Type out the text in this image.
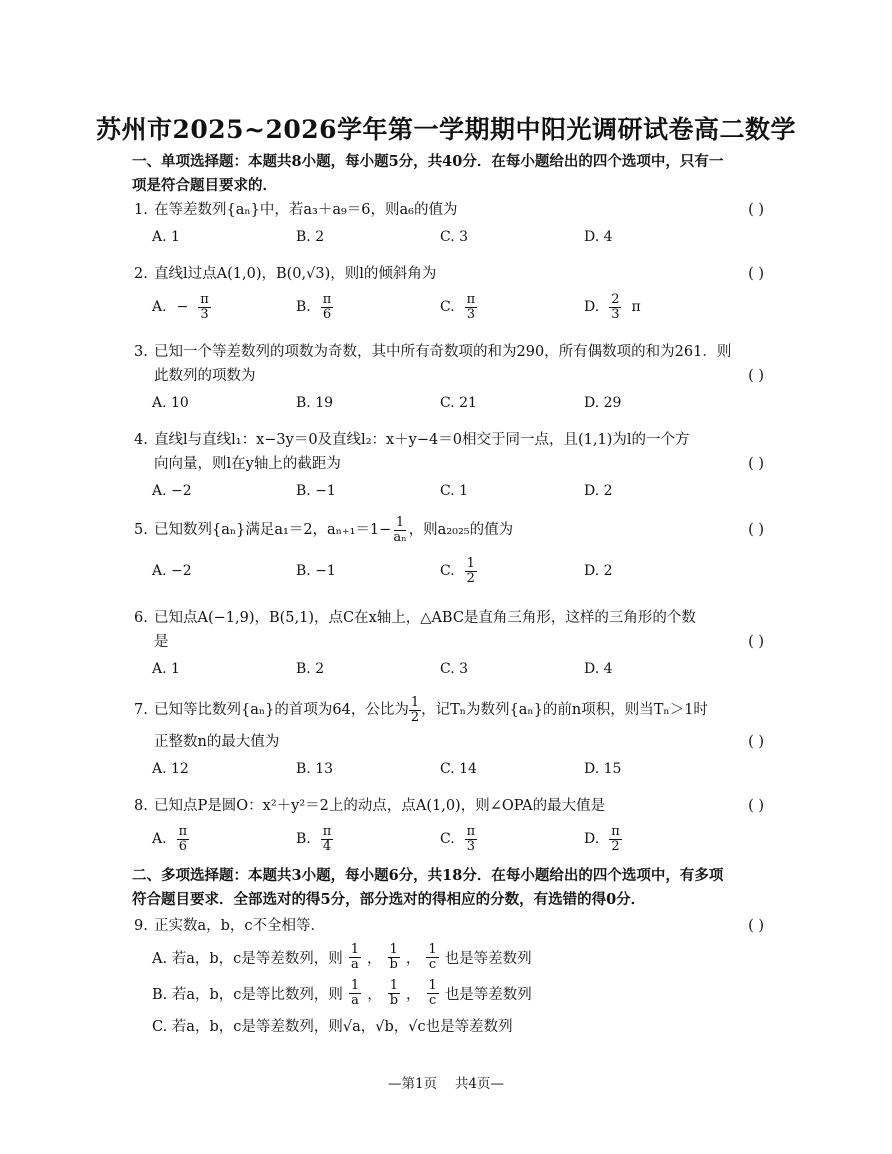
苏州市2025~2026学年第一学期期中阳光调研试卷高二数学
一、单项选择题：本题共8小题，每小题5分，共40分．在每小题给出的四个选项中，只有一
项是符合题目要求的．
1. 在等差数列{aₙ}中，若a₃＋a₉＝6，则a₆的值为	( )
A. 1	B. 2	C. 3	D. 4
2. 直线l过点A(1,0)，B(0,√3)，则l的倾斜角为	( )
A. − $\frac{\pi}{3}$	B. $\frac{\pi}{6}$	C. $\frac{\pi}{3}$	D. $\frac{2}{3}$ π
3. 已知一个等差数列的项数为奇数，其中所有奇数项的和为290，所有偶数项的和为261．则
此数列的项数为	( )
A. 10	B. 19	C. 21	D. 29
4. 直线l与直线l₁：x−3y＝0及直线l₂：x＋y−4＝0相交于同一点，且(1,1)为l的一个方
向向量，则l在y轴上的截距为	( )
A. −2	B. −1	C. 1	D. 2
5. 已知数列{aₙ}满足a₁＝2，$a_{n+1}=1- \frac{1}{\text{aₙ}}$ ，则a₂₀₂₅的值为	( )
A. −2	B. −1	C. $\frac{1}{2}$	D. 2
6. 已知点A(−1,9)，B(5,1)，点C在x轴上，△ABC是直角三角形，这样的三角形的个数
是	( )
A. 1	B. 2	C. 3	D. 4
7. 已知等比数列{aₙ}的首项为64，公比为 $\frac{1}{2}$ ，记Tₙ为数列{aₙ}的前n项积，则当Tₙ＞1时
正整数n的最大值为	( )
A. 12	B. 13	C. 14	D. 15
8. 已知点P是圆O：x²＋y²＝2上的动点，点A(1,0)，则∠OPA的最大值是	( )
A. $\frac{\pi}{6}$	B. $\frac{\pi}{4}$	C. $\frac{\pi}{3}$	D. $\frac{\pi}{2}$
二、多项选择题：本题共3小题，每小题6分，共18分．在每小题给出的四个选项中，有多项
符合题目要求．全部选对的得5分，部分选对的得相应的分数，有选错的得0分．
9. 正实数a，b，c不全相等．	( )
A. 若a，b，c是等差数列，则 $\frac{1}{a}$ ， $\frac{1}{b}$ ， $\frac{1}{c}$ 也是等差数列
B. 若a，b，c是等比数列，则 $\frac{1}{a}$ ， $\frac{1}{b}$ ， $\frac{1}{c}$ 也是等差数列
C. 若a，b，c是等差数列，则√a，√b，√c也是等差数列
—第1页　 共4页—
